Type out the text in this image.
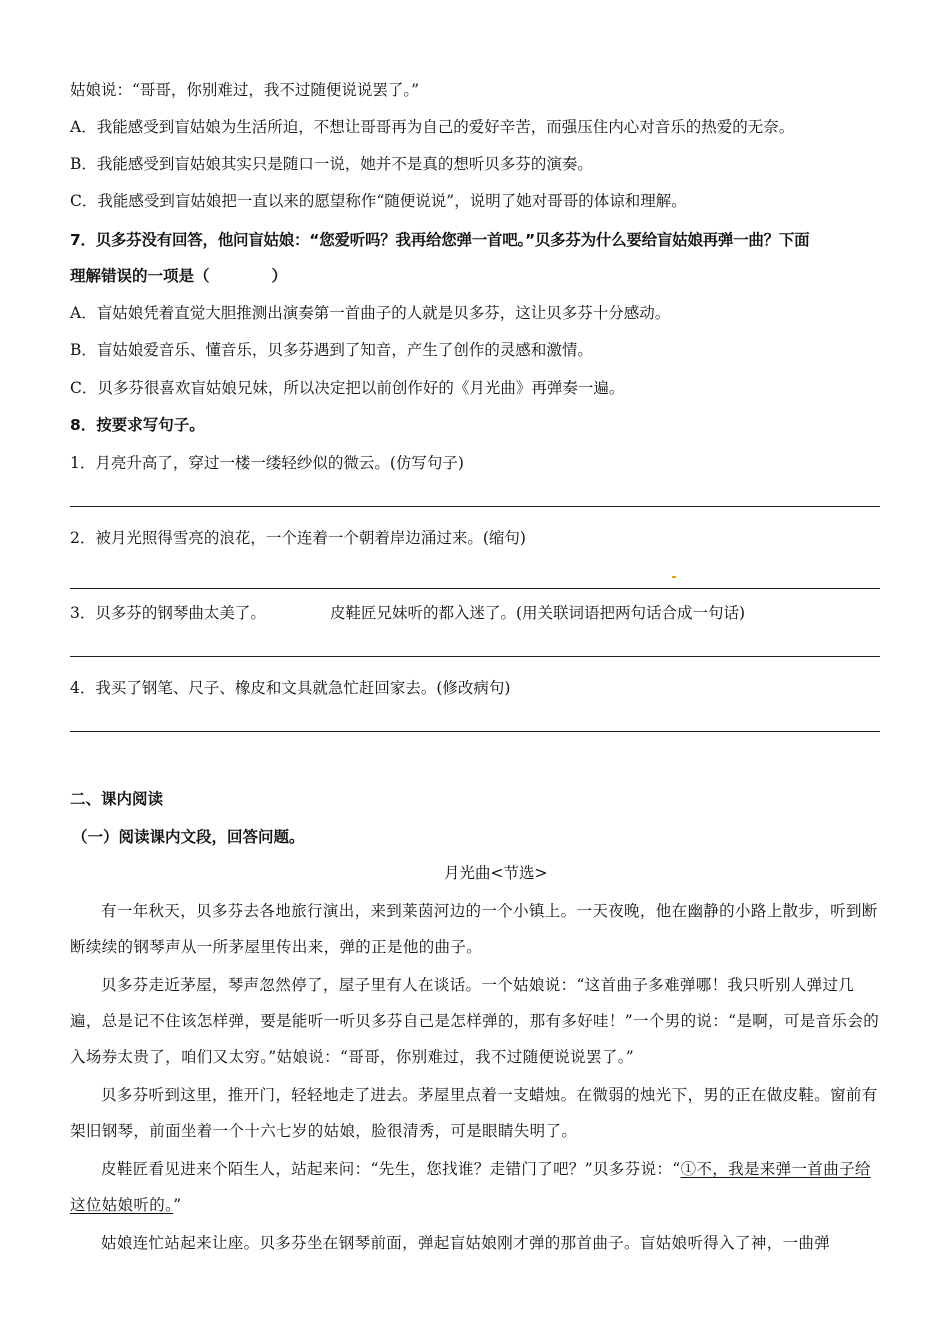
姑娘说：“哥哥，你别难过，我不过随便说说罢了。”
A．我能感受到盲姑娘为生活所迫，不想让哥哥再为自己的爱好辛苦，而强压住内心对音乐的热爱的无奈。
B．我能感受到盲姑娘其实只是随口一说，她并不是真的想听贝多芬的演奏。
C．我能感受到盲姑娘把一直以来的愿望称作“随便说说”，说明了她对哥哥的体谅和理解。
7．贝多芬没有回答，他问盲姑娘：“您爱听吗？我再给您弹一首吧。”贝多芬为什么要给盲姑娘再弹一曲？下面
理解错误的一项是（　　　　）
A．盲姑娘凭着直觉大胆推测出演奏第一首曲子的人就是贝多芬，这让贝多芬十分感动。
B．盲姑娘爱音乐、懂音乐，贝多芬遇到了知音，产生了创作的灵感和激情。
C．贝多芬很喜欢盲姑娘兄妹，所以决定把以前创作好的《月光曲》再弹奏一遍。
8．按要求写句子。
1．月亮升高了，穿过一楼一缕轻纱似的微云。(仿写句子)
2．被月光照得雪亮的浪花，一个连着一个朝着岸边涌过来。(缩句)
3．贝多芬的钢琴曲太美了。	皮鞋匠兄妹听的都入迷了。(用关联词语把两句话合成一句话)
4．我买了钢笔、尺子、橡皮和文具就急忙赶回家去。(修改病句)
二、课内阅读
（一）阅读课内文段，回答问题。
月光曲<节选>
有一年秋天，贝多芬去各地旅行演出，来到莱茵河边的一个小镇上。一天夜晚，他在幽静的小路上散步，听到断断续续的钢琴声从一所茅屋里传出来，弹的正是他的曲子。
贝多芬走近茅屋，琴声忽然停了，屋子里有人在谈话。一个姑娘说：“这首曲子多难弹哪！我只听别人弹过几遍，总是记不住该怎样弹，要是能听一听贝多芬自己是怎样弹的，那有多好哇！”一个男的说：“是啊，可是音乐会的入场券太贵了，咱们又太穷。”姑娘说：“哥哥，你别难过，我不过随便说说罢了。”
贝多芬听到这里，推开门，轻轻地走了进去。茅屋里点着一支蜡烛。在微弱的烛光下，男的正在做皮鞋。窗前有架旧钢琴，前面坐着一个十六七岁的姑娘，脸很清秀，可是眼睛失明了。
皮鞋匠看见进来个陌生人，站起来问：“先生，您找谁？走错门了吧？”贝多芬说：“①不，我是来弹一首曲子给这位姑娘听的。”
姑娘连忙站起来让座。贝多芬坐在钢琴前面，弹起盲姑娘刚才弹的那首曲子。盲姑娘听得入了神，一曲弹
